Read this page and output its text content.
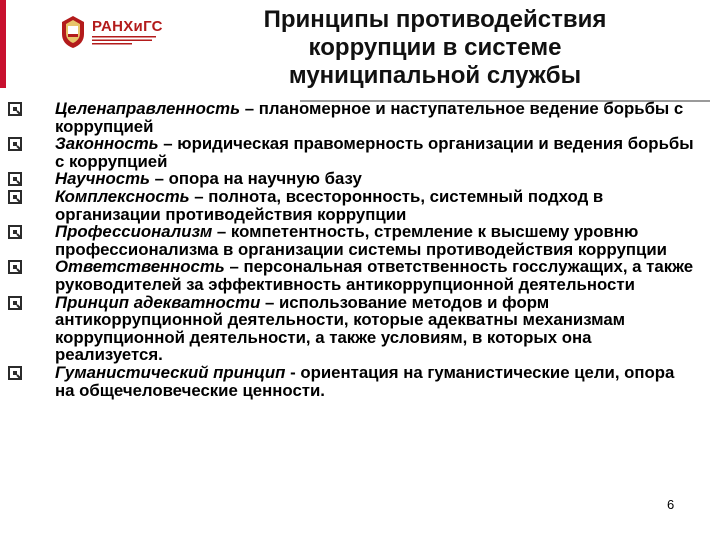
РАНХиГС	Принципы противодействия
коррупции в системе
муниципальной службы
Целенаправленность – планомерное и наступательное ведение борьбы с коррупцией
Законность – юридическая правомерность организации и ведения борьбы с коррупцией
Научность – опора на научную базу
Комплексность – полнота, всесторонность, системный подход в организации противодействия коррупции
Профессионализм – компетентность, стремление к высшему уровню профессионализма в организации системы противодействия коррупции
Ответственность – персональная ответственность госслужащих, а также руководителей за эффективность антикоррупционной деятельности
Принцип адекватности – использование методов и форм антикоррупционной деятельности, которые адекватны механизмам коррупционной деятельности, а также условиям, в которых она реализуется.
Гуманистический принцип - ориентация на гуманистические цели, опора на общечеловеческие ценности.
6
